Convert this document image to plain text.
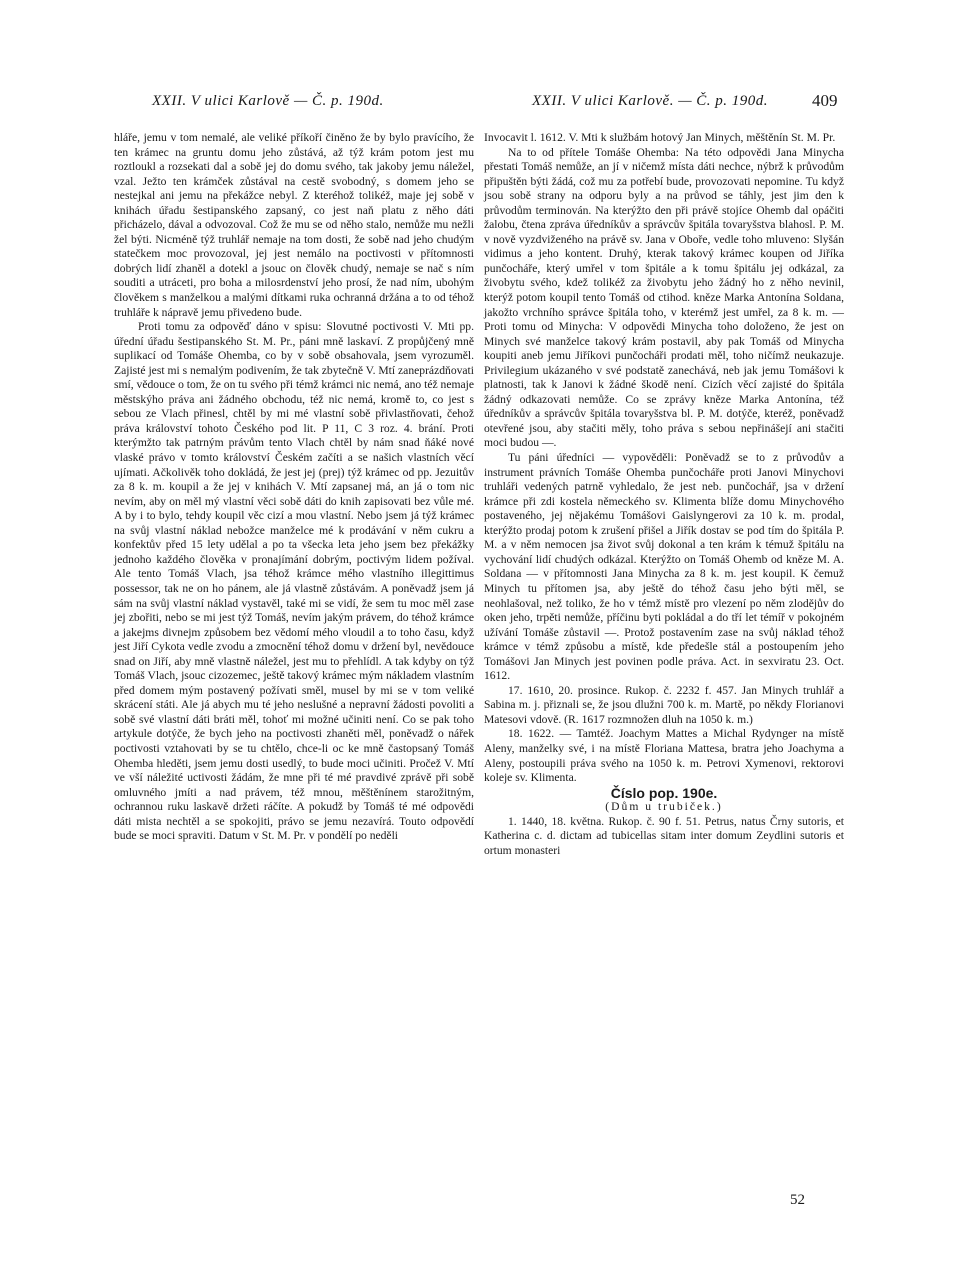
XXII. V ulici Karlově — Č. p. 190d.	XXII. V ulici Karlově. — Č. p. 190d.	409

hláře, jemu v tom nemalé, ale veliké příkoří činěno že by bylo pravícího, že ten krámec na gruntu domu jeho zůstává, až týž krám potom jest mu roztloukl a rozsekati dal a sobě jej do domu svého, tak jakoby jemu náležel, vzal. Ježto ten krámček zůstával na cestě svobodný, s domem jeho se nestejkal ani jemu na překážce nebyl. Z kteréhož tolikéž, maje jej sobě v knihách úřadu šestipanského zapsaný, co jest naň platu z něho dáti přicházelo, dával a odvozoval. Což že mu se od něho stalo, nemůže mu nežli žel býti. Nicméně týž truhlář nemaje na tom dosti, že sobě nad jeho chudým statečkem moc provozoval, jej jest nemálo na poctivosti v přítomnosti dobrých lidí zhaněl a dotekl a jsouc on člověk chudý, nemaje se nač s ním souditi a utráceti, pro boha a milosrdenství jeho prosí, že nad ním, ubohým člověkem s manželkou a malými dítkami ruka ochranná držána a to od téhož truhláře k nápravě jemu přivedeno bude.

Proti tomu za odpověď dáno v spisu: Slovutné poctivosti V. Mti pp. úřední úřadu šestipanského St. M. Pr., páni mně laskaví. Z propůjčený mně suplikací od Tomáše Ohemba, co by v sobě obsahovala, jsem vyrozuměl. Zajisté jest mi s nemalým podivením, že tak zbytečně V. Mtí zaneprázdňovati smí, vědouce o tom, že on tu svého při témž krámci nic nemá, ano též nemaje městskýho práva ani žádného obchodu, též nic nemá, kromě to, co jest s sebou ze Vlach přinesl, chtěl by mi mé vlastní sobě přivlastňovati, čehož práva království tohoto Českého pod lit. P 11, C 3 roz. 4. brání. Proti kterýmžto tak patrným právům tento Vlach chtěl by nám snad ňáké nové vlaské právo v tomto království Českém začíti a se našich vlastních věcí ujímati. Ačkolivěk toho dokládá, že jest jej (prej) týž krámec od pp. Jezuitův za 8 k. m. koupil a že jej v knihách V. Mtí zapsanej má, an já o tom nic nevím, aby on měl mý vlastní věci sobě dáti do knih zapisovati bez vůle mé. A by i to bylo, tehdy koupil věc cizí a mou vlastní. Nebo jsem já týž krámec na svůj vlastní náklad nebožce manželce mé k prodávání v něm cukru a konfektův před 15 lety udělal a po ta všecka leta jeho jsem bez překážky jednoho každého člověka v pronajímání dobrým, poctivým lidem požíval. Ale tento Tomáš Vlach, jsa téhož krámce mého vlastního illegittimus possessor, tak ne on ho pánem, ale já vlastně zůstávám. A poněvadž jsem já sám na svůj vlastní náklad vystavěl, také mi se vidí, že sem tu moc měl zase jej zbořiti, nebo se mi jest týž Tomáš, nevím jakým právem, do téhož krámce a jakejms divnejm způsobem bez vědomí mého vloudil a to toho času, když jest Jiří Cykota vedle zvodu a zmocnění téhož domu v držení byl, nevědouce snad on Jiří, aby mně vlastně náležel, jest mu to přehlídl. A tak kdyby on týž Tomáš Vlach, jsouc cizozemec, ještě takový krámec mým nákladem vlastním před domem mým postavený požívati směl, musel by mi se v tom veliké skrácení státi. Ale já abych mu té jeho neslušné a nepravní žádosti povoliti a sobě své vlastní dáti bráti měl, tohoť mi možné učiniti není. Co se pak toho artykule dotýče, že bych jeho na poctivosti zhaněti měl, poněvadž o nářek poctivosti vztahovati by se tu chtělo, chce-li oc ke mně častopsaný Tomáš Ohemba hleděti, jsem jemu dosti usedlý, to bude moci učiniti. Pročež V. Mtí ve vší náležité uctivosti žádám, že mne při té mé pravdivé zprávě při sobě omluvného jmíti a nad právem, též mnou, měštěnínem starožitným, ochrannou ruku laskavě držeti ráčíte. A pokudž by Tomáš té mé odpovědi dáti mista nechtěl a se spokojiti, právo se jemu nezavírá. Touto odpovědí bude se moci spraviti. Datum v St. M. Pr. v pondělí po neděli

Invocavit l. 1612. V. Mti k službám hotový Jan Minych, měštěnín St. M. Pr.

Na to od přítele Tomáše Ohemba: Na této odpovědi Jana Minycha přestati Tomáš nemůže, an jí v ničemž místa dáti nechce, nýbrž k průvodům připuštěn býti žádá, což mu za potřebí bude, provozovati nepomine. Tu když jsou sobě strany na odporu byly a na průvod se táhly, jest jim den k průvodům terminován. Na kterýžto den při právě stojíce Ohemb dal opáčiti žalobu, čtena zpráva úředníkův a správcův špitála tovaryšstva blahosl. P. M. v nově vyzdviženého na právě sv. Jana v Oboře, vedle toho mluveno: Slyšán vidimus a jeho kontent. Druhý, kterak takový krámec koupen od Jiříka punčocháře, který umřel v tom špitále a k tomu špitálu jej odkázal, za živobytu svého, kdež tolikéž za živobytu jeho žádný ho z něho nevinil, kterýž potom koupil tento Tomáš od ctihod. kněze Marka Antonína Soldana, jakožto vrchního správce špitála toho, v kterémž jest umřel, za 8 k. m. — Proti tomu od Minycha: V odpovědi Minycha toho doloženo, že jest on Minych své manželce takový krám postavil, aby pak Tomáš od Minycha koupiti aneb jemu Jiříkovi punčocháři prodati měl, toho ničímž neukazuje. Privilegium ukázaného v své podstatě zanechává, neb jak jemu Tomášovi k platnosti, tak k Janovi k žádné škodě není. Cizích věcí zajisté do špitála žádný odkazovati nemůže. Co se zprávy kněze Marka Antonína, též úředníkův a správcův špitála tovaryšstva bl. P. M. dotýče, kteréž, poněvadž otevřené jsou, aby stačiti měly, toho práva s sebou nepřinášejí ani stačiti moci budou —.

Tu páni úředníci — vypověděli: Poněvadž se to z průvodův a instrument právních Tomáše Ohemba punčocháře proti Janovi Minychovi truhláři vedených patrně vyhledalo, že jest neb. punčochář, jsa v držení krámce při zdi kostela německého sv. Klimenta blíže domu Minychového postaveného, jej nějakému Tomášovi Gaislyngerovi za 10 k. m. prodal, kterýžto prodaj potom k zrušení přišel a Jiřík dostav se pod tím do špitála P. M. a v něm nemocen jsa život svůj dokonal a ten krám k témuž špitálu na vychování lidí chudých odkázal. Kterýžto on Tomáš Ohemb od kněze M. A. Soldana — v přítomnosti Jana Minycha za 8 k. m. jest koupil. K čemuž Minych tu přítomen jsa, aby ještě do téhož času jeho býti měl, se neohlašoval, než toliko, že ho v témž místě pro vlezení po něm zlodějův do oken jeho, trpěti nemůže, příčinu byti pokládal a do tří let témíř v pokojném užívání Tomáše zůstavil —. Protož postavením zase na svůj náklad téhož krámce v témž způsobu a místě, kde předešle stál a postoupením jeho Tomášovi Jan Minych jest povinen podle práva. Act. in sexviratu 23. Oct. 1612.

17. 1610, 20. prosince. Rukop. č. 2232 f. 457. Jan Minych truhlář a Sabina m. j. přiznali se, že jsou dlužni 700 k. m. Martě, po někdy Florianovi Matesovi vdově. (R. 1617 rozmnožen dluh na 1050 k. m.)

18. 1622. — Tamtéž. Joachym Mattes a Michal Rydynger na místě Aleny, manželky své, i na místě Floriana Mattesa, bratra jeho Joachyma a Aleny, postoupili práva svého na 1050 k. m. Petrovi Xymenovi, rektorovi koleje sv. Klimenta.

Číslo pop. 190e.

(Dům u trubiček.)

1. 1440, 18. května. Rukop. č. 90 f. 51. Petrus, natus Črny sutoris, et Katherina c. d. dictam ad tubicellas sitam inter domum Zeydlini sutoris et ortum monasteri

52
